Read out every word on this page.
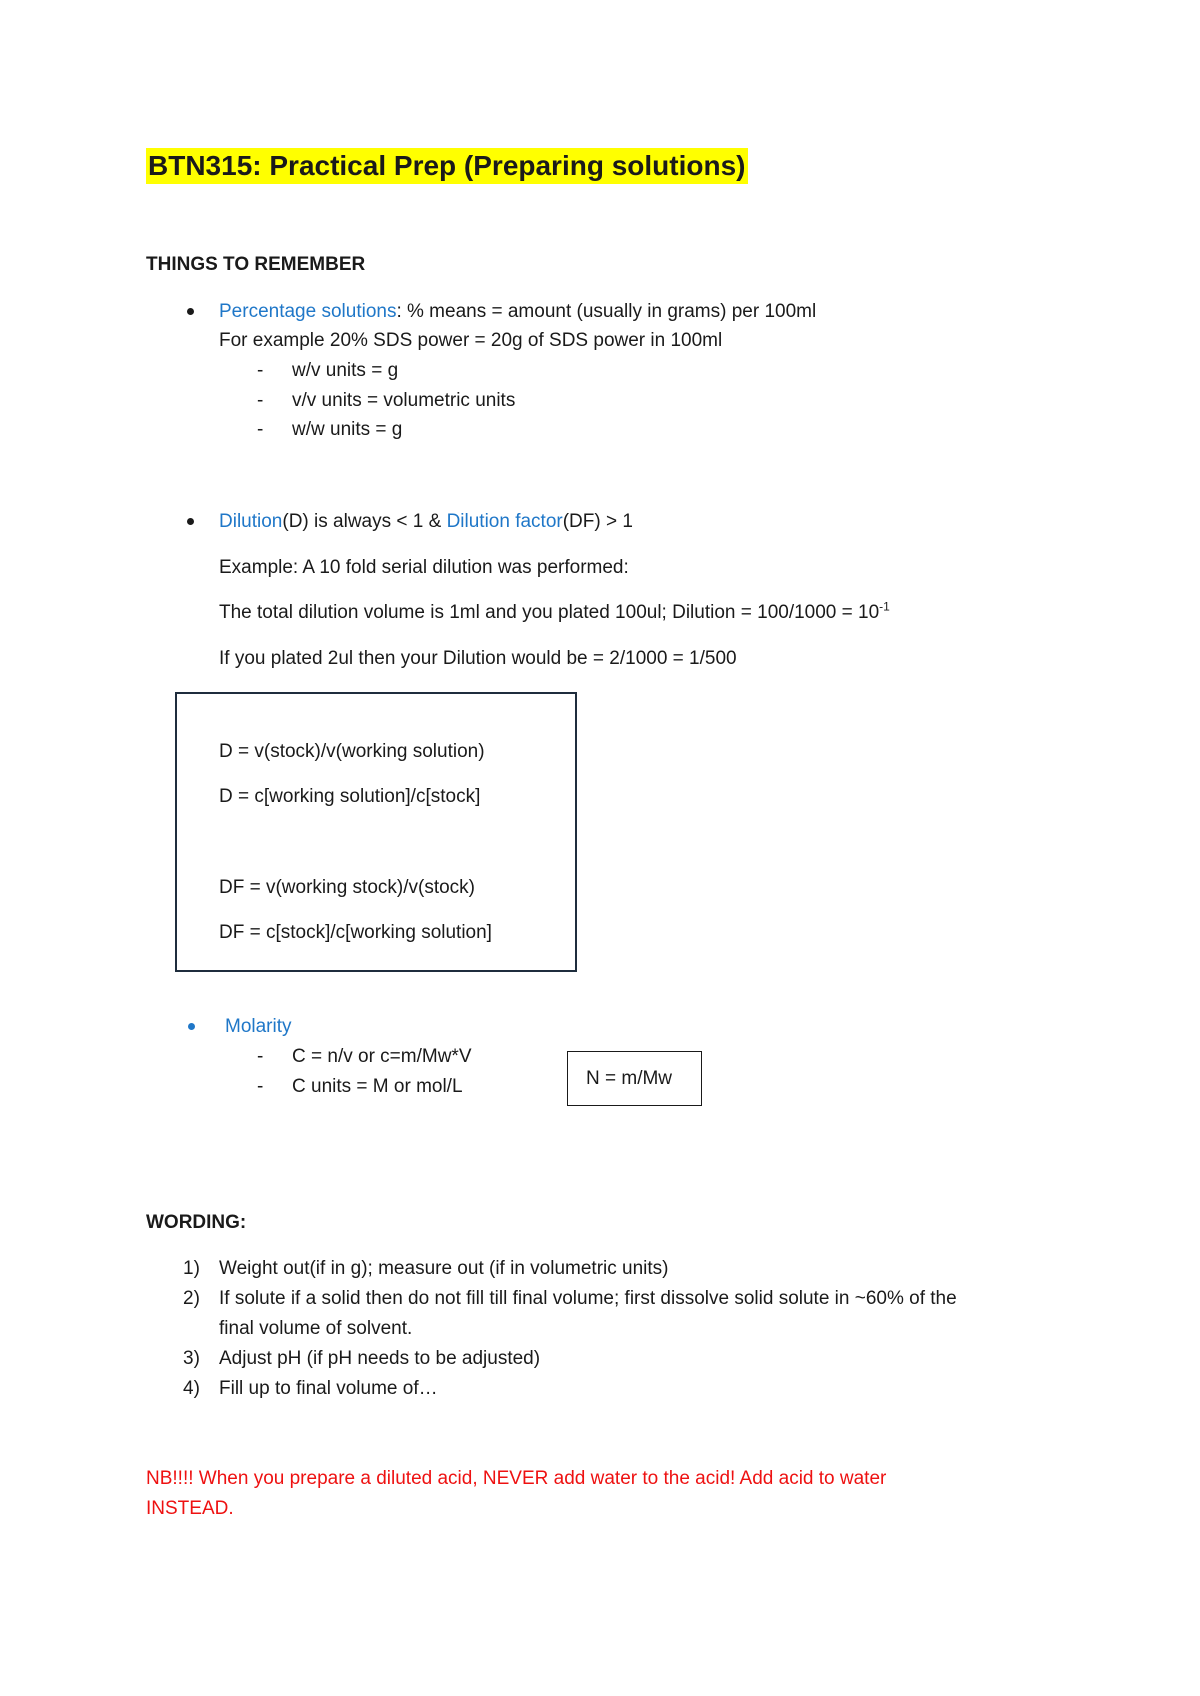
BTN315: Practical Prep (Preparing solutions)
THINGS TO REMEMBER
Percentage solutions: % means = amount (usually in grams) per 100ml
For example 20% SDS power = 20g of SDS power in 100ml
- w/v units = g
- v/v units = volumetric units
- w/w units = g
Dilution(D) is always < 1 & Dilution factor(DF) > 1
Example: A 10 fold serial dilution was performed:
The total dilution volume is 1ml and you plated 100ul; Dilution = $100/1000 = 10^{-1}$
If you plated 2ul then your Dilution would be = 2/1000 = 1/500
D = v(stock)/v(working solution)
D = c[working solution]/c[stock]
DF = v(working stock)/v(stock)
DF = c[stock]/c[working solution]
Molarity
- C = n/v or c=m/Mw*V
- C units = M or mol/L	N = m/Mw
WORDING:
1) Weight out(if in g); measure out (if in volumetric units)
2) If solute if a solid then do not fill till final volume; first dissolve solid solute in ~60% of the
final volume of solvent.
3) Adjust pH (if pH needs to be adjusted)
4) Fill up to final volume of…
NB!!!! When you prepare a diluted acid, NEVER add water to the acid! Add acid to water
INSTEAD.
